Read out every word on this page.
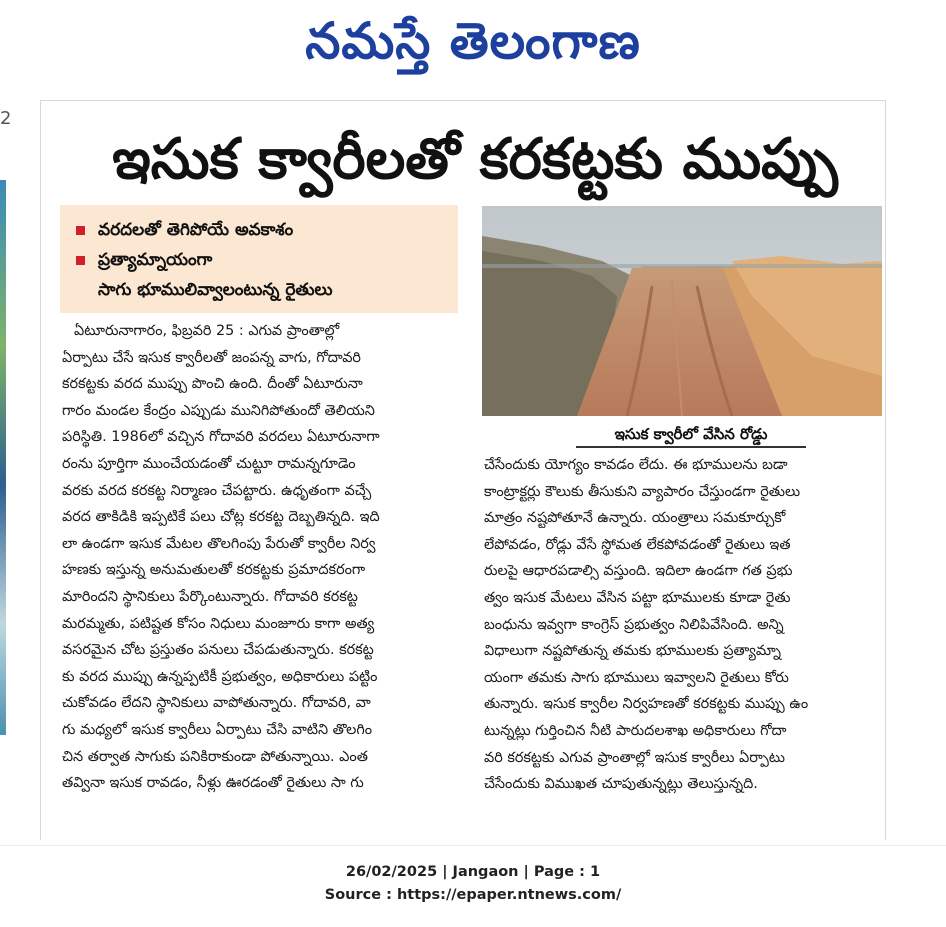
నమస్తే తెలంగాణ
2
ఇసుక క్వారీలతో కరకట్టకు ముప్పు
వరదలతో తెగిపోయే అవకాశం
ప్రత్యామ్నాయంగా
సాగు భూములివ్వాలంటున్న రైతులు
ఇసుక క్వారీలో వేసిన రోడ్డు
ఏటూరునాగారం, ఫిబ్రవరి 25 : ఎగువ ప్రాంతాల్లో
ఏర్పాటు చేసే ఇసుక క్వారీలతో జంపన్న వాగు, గోదావరి
కరకట్టకు వరద ముప్పు పొంచి ఉంది. దీంతో ఏటూరునా
గారం మండల కేంద్రం ఎప్పుడు మునిగిపోతుందో తెలియని
పరిస్థితి. 1986లో వచ్చిన గోదావరి వరదలు ఏటూరునాగా
రంను పూర్తిగా ముంచేయడంతో చుట్టూ రామన్నగూడెం
వరకు వరద కరకట్ట నిర్మాణం చేపట్టారు. ఉధృతంగా వచ్చే
వరద తాకిడికి ఇప్పటికే పలు చోట్ల కరకట్ట దెబ్బతిన్నది. ఇది
లా ఉండగా ఇసుక మేటల తొలగింపు పేరుతో క్వారీల నిర్వ
హణకు ఇస్తున్న అనుమతులతో కరకట్టకు ప్రమాదకరంగా
మారిందని స్థానికులు పేర్కొంటున్నారు. గోదావరి కరకట్ట
మరమ్మతు, పటిష్టత కోసం నిధులు మంజూరు కాగా అత్య
వసరమైన చోట ప్రస్తుతం పనులు చేపడుతున్నారు. కరకట్ట
కు వరద ముప్పు ఉన్నప్పటికీ ప్రభుత్వం, అధికారులు పట్టిం
చుకోవడం లేదని స్థానికులు వాపోతున్నారు. గోదావరి, వా
గు మధ్యలో ఇసుక క్వారీలు ఏర్పాటు చేసి వాటిని తొలగిం
చిన తర్వాత సాగుకు పనికిరాకుండా పోతున్నాయి. ఎంత
తవ్వినా ఇసుక రావడం, నీళ్లు ఊరడంతో రైతులు సా గు
చేసేందుకు యోగ్యం కావడం లేదు. ఈ భూములను బడా
కాంట్రాక్టర్లు కౌలుకు తీసుకుని వ్యాపారం చేస్తుండగా రైతులు
మాత్రం నష్టపోతూనే ఉన్నారు. యంత్రాలు సమకూర్చుకో
లేపోవడం, రోడ్లు వేసే స్థోమత లేకపోవడంతో రైతులు ఇత
రులపై ఆధారపడాల్సి వస్తుంది. ఇదిలా ఉండగా గత ప్రభు
త్వం ఇసుక మేటలు వేసిన పట్టా భూములకు కూడా రైతు
బంధును ఇవ్వగా కాంగ్రెస్ ప్రభుత్వం నిలిపివేసింది. అన్ని
విధాలుగా నష్టపోతున్న తమకు భూములకు ప్రత్యామ్నా
యంగా తమకు సాగు భూములు ఇవ్వాలని రైతులు కోరు
తున్నారు. ఇసుక క్వారీల నిర్వహణతో కరకట్టకు ముప్పు ఉం
టున్నట్లు గుర్తించిన నీటి పారుదలశాఖ అధికారులు గోదా
వరి కరకట్టకు ఎగువ ప్రాంతాల్లో ఇసుక క్వారీలు ఏర్పాటు
చేసేందుకు విముఖత చూపుతున్నట్లు తెలుస్తున్నది.
26/02/2025 | Jangaon | Page : 1
Source : https://epaper.ntnews.com/
